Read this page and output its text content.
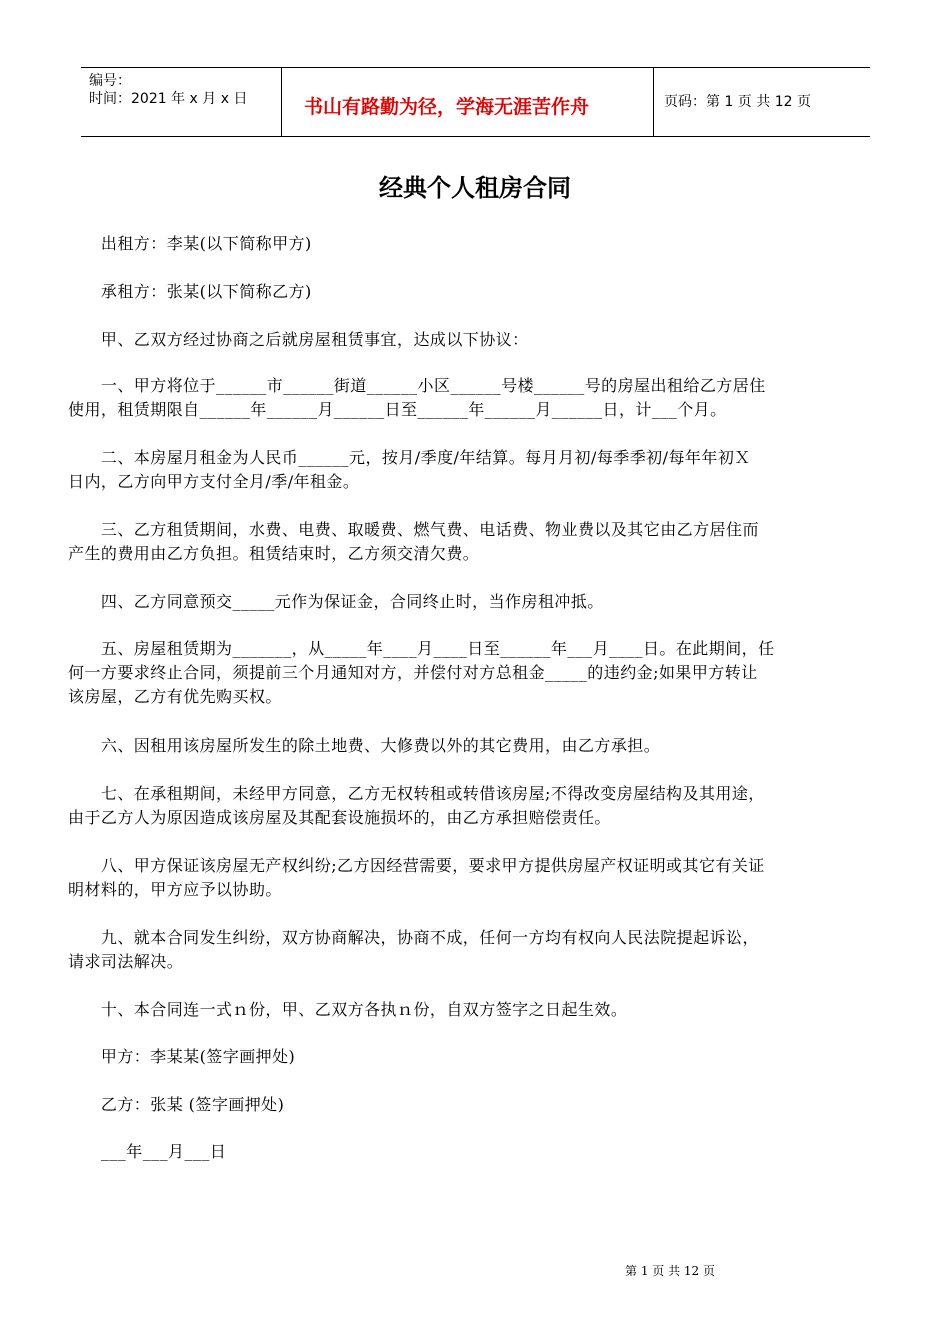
编号：
时间：2021 年 x 月 x 日	书山有路勤为径，学海无涯苦作舟	页码：第 1 页 共 12 页
经典个人租房合同
　　出租方：李某(以下简称甲方)
　　承租方：张某(以下简称乙方)
　　甲、乙双方经过协商之后就房屋租赁事宜，达成以下协议：
　　一、甲方将位于______市______街道______小区______号楼______号的房屋出租给乙方居住
使用，租赁期限自______年______月______日至______年______月______日，计___个月。
　　二、本房屋月租金为人民币______元，按月/季度/年结算。每月月初/每季季初/每年年初Ｘ
日内，乙方向甲方支付全月/季/年租金。
　　三、乙方租赁期间，水费、电费、取暖费、燃气费、电话费、物业费以及其它由乙方居住而
产生的费用由乙方负担。租赁结束时，乙方须交清欠费。
　　四、乙方同意预交_____元作为保证金，合同终止时，当作房租冲抵。
　　五、房屋租赁期为_______，从_____年____月____日至______年___月____日。在此期间，任
何一方要求终止合同，须提前三个月通知对方，并偿付对方总租金_____的违约金;如果甲方转让
该房屋，乙方有优先购买权。
　　六、因租用该房屋所发生的除土地费、大修费以外的其它费用，由乙方承担。
　　七、在承租期间，未经甲方同意，乙方无权转租或转借该房屋;不得改变房屋结构及其用途，
由于乙方人为原因造成该房屋及其配套设施损坏的，由乙方承担赔偿责任。
　　八、甲方保证该房屋无产权纠纷;乙方因经营需要，要求甲方提供房屋产权证明或其它有关证
明材料的，甲方应予以协助。
　　九、就本合同发生纠纷，双方协商解决，协商不成，任何一方均有权向人民法院提起诉讼，
请求司法解决。
　　十、本合同连一式ｎ份，甲、乙双方各执ｎ份，自双方签字之日起生效。
　　甲方：李某某(签字画押处)
　　乙方：张某 (签字画押处)
　　___年___月___日
第 1 页 共 12 页
